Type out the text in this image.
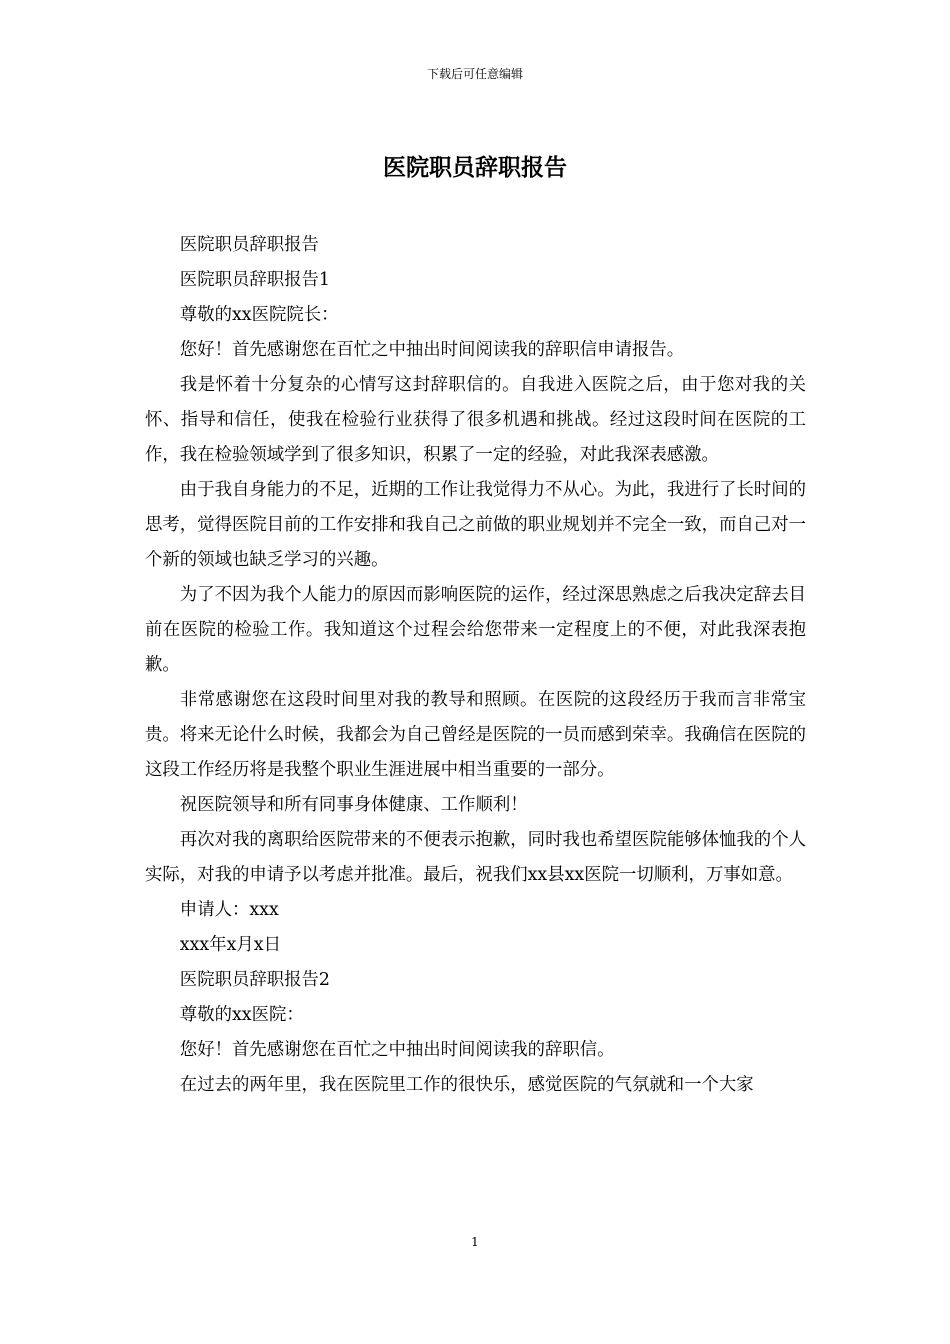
下载后可任意编辑
医院职员辞职报告

医院职员辞职报告

医院职员辞职报告1

尊敬的xx医院院长：

您好！首先感谢您在百忙之中抽出时间阅读我的辞职信申请报告。

我是怀着十分复杂的心情写这封辞职信的。自我进入医院之后，由于您对我的关怀、指导和信任，使我在检验行业获得了很多机遇和挑战。经过这段时间在医院的工作，我在检验领域学到了很多知识，积累了一定的经验，对此我深表感激。

由于我自身能力的不足，近期的工作让我觉得力不从心。为此，我进行了长时间的思考，觉得医院目前的工作安排和我自己之前做的职业规划并不完全一致，而自己对一个新的领域也缺乏学习的兴趣。

为了不因为我个人能力的原因而影响医院的运作，经过深思熟虑之后我决定辞去目前在医院的检验工作。我知道这个过程会给您带来一定程度上的不便，对此我深表抱歉。

非常感谢您在这段时间里对我的教导和照顾。在医院的这段经历于我而言非常宝贵。将来无论什么时候，我都会为自己曾经是医院的一员而感到荣幸。我确信在医院的这段工作经历将是我整个职业生涯进展中相当重要的一部分。

祝医院领导和所有同事身体健康、工作顺利！

再次对我的离职给医院带来的不便表示抱歉，同时我也希望医院能够体恤我的个人实际，对我的申请予以考虑并批准。最后，祝我们xx县xx医院一切顺利，万事如意。

申请人：xxx

xxx年x月x日

医院职员辞职报告2

尊敬的xx医院：

您好！首先感谢您在百忙之中抽出时间阅读我的辞职信。

在过去的两年里，我在医院里工作的很快乐，感觉医院的气氛就和一个大家

1
